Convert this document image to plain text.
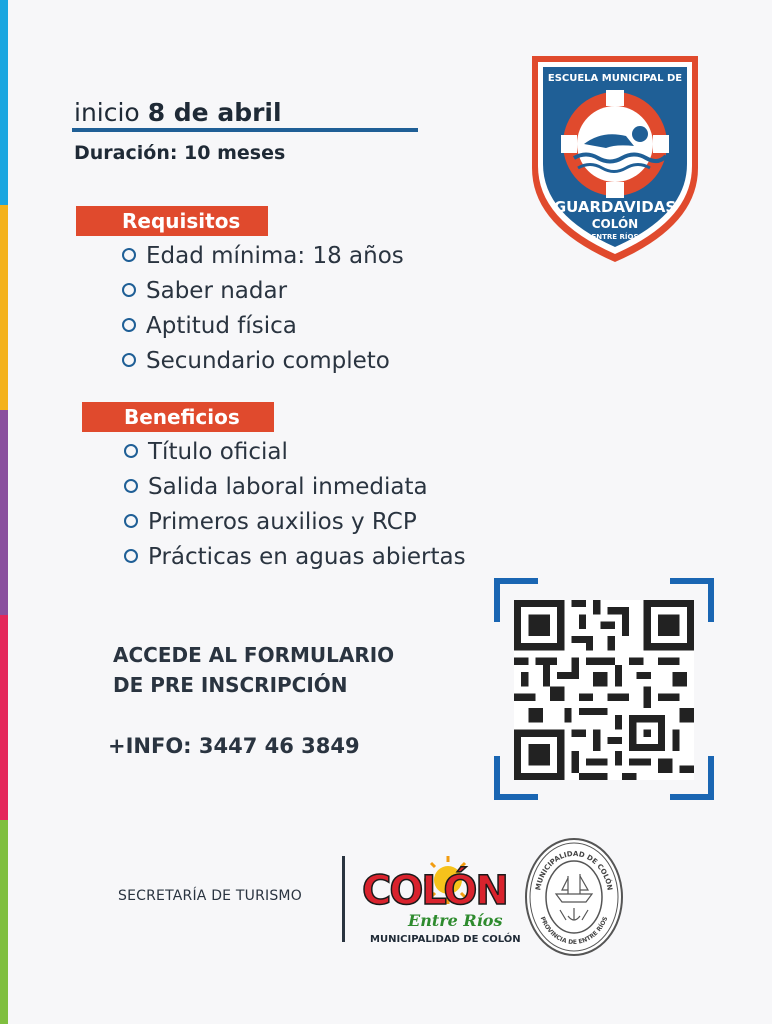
inicio 8 de abril
Duración: 10 meses
Requisitos
Edad mínima: 18 años
Saber nadar
Aptitud física
Secundario completo
Beneficios
Título oficial
Salida laboral inmediata
Primeros auxilios y RCP
Prácticas en aguas abiertas
ACCEDE AL FORMULARIO
DE PRE INSCRIPCIÓN
+INFO: 3447 46 3849
ESCUELA MUNICIPAL DE
GUARDAVIDAS
COLÓN
ENTRE RÍOS
SECRETARÍA DE TURISMO COLÓN
Entre Ríos
MUNICIPALIDAD DE COLÓN
MUNICIPALIDAD DE COLÓN
PROVINCIA DE ENTRE RÍOS
